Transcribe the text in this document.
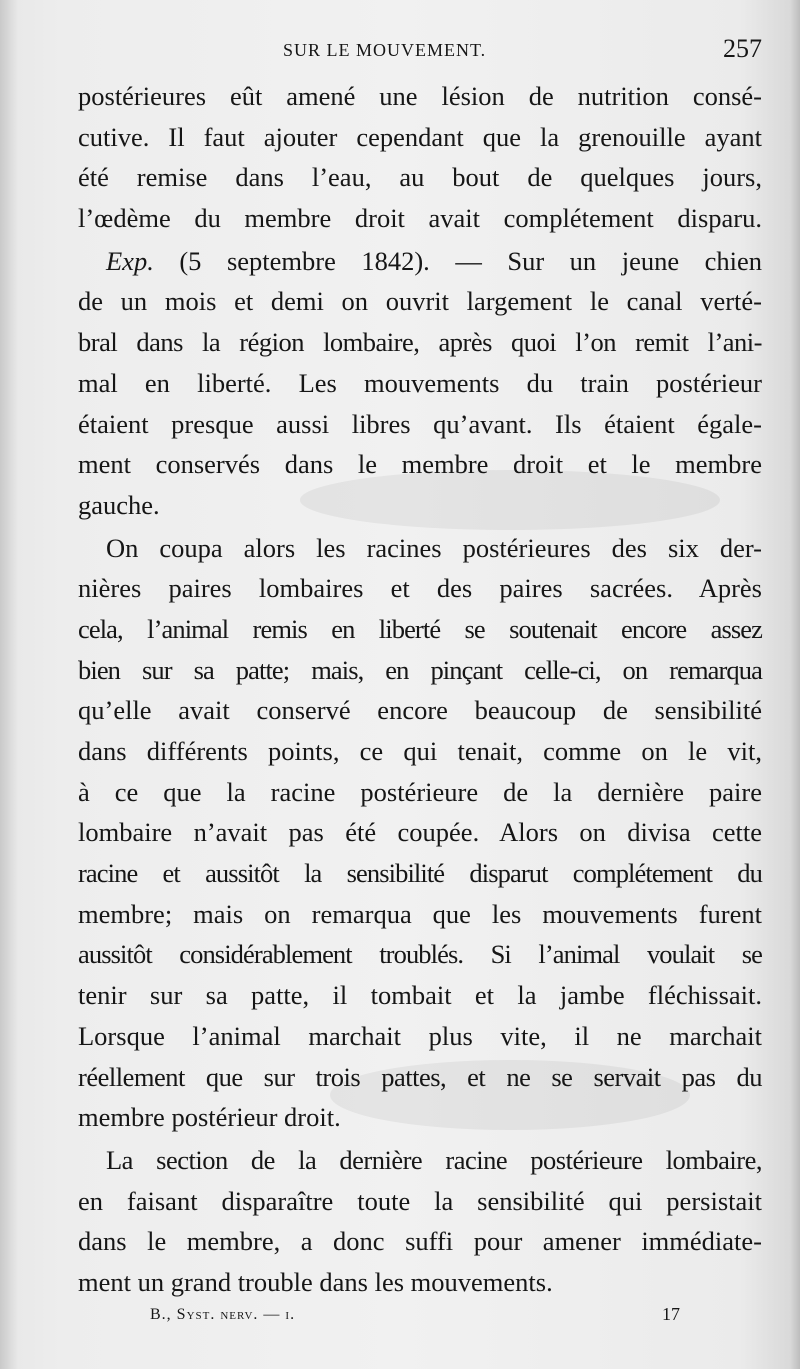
SUR LE MOUVEMENT.	257

postérieures eût amené une lésion de nutrition consé-
cutive. Il faut ajouter cependant que la grenouille ayant
été remise dans l’eau, au bout de quelques jours,
l’œdème du membre droit avait complétement disparu.

Exp. (5 septembre 1842). — Sur un jeune chien
de un mois et demi on ouvrit largement le canal verté-
bral dans la région lombaire, après quoi l’on remit l’ani-
mal en liberté. Les mouvements du train postérieur
étaient presque aussi libres qu’avant. Ils étaient égale-
ment conservés dans le membre droit et le membre
gauche.

On coupa alors les racines postérieures des six der-
nières paires lombaires et des paires sacrées. Après
cela, l’animal remis en liberté se soutenait encore assez
bien sur sa patte; mais, en pinçant celle-ci, on remarqua
qu’elle avait conservé encore beaucoup de sensibilité
dans différents points, ce qui tenait, comme on le vit,
à ce que la racine postérieure de la dernière paire
lombaire n’avait pas été coupée. Alors on divisa cette
racine et aussitôt la sensibilité disparut complétement du
membre; mais on remarqua que les mouvements furent
aussitôt considérablement troublés. Si l’animal voulait se
tenir sur sa patte, il tombait et la jambe fléchissait.
Lorsque l’animal marchait plus vite, il ne marchait
réellement que sur trois pattes, et ne se servait pas du
membre postérieur droit.

La section de la dernière racine postérieure lombaire,
en faisant disparaître toute la sensibilité qui persistait
dans le membre, a donc suffi pour amener immédiate-
ment un grand trouble dans les mouvements.

B., Syst. nerv. — i.	17
